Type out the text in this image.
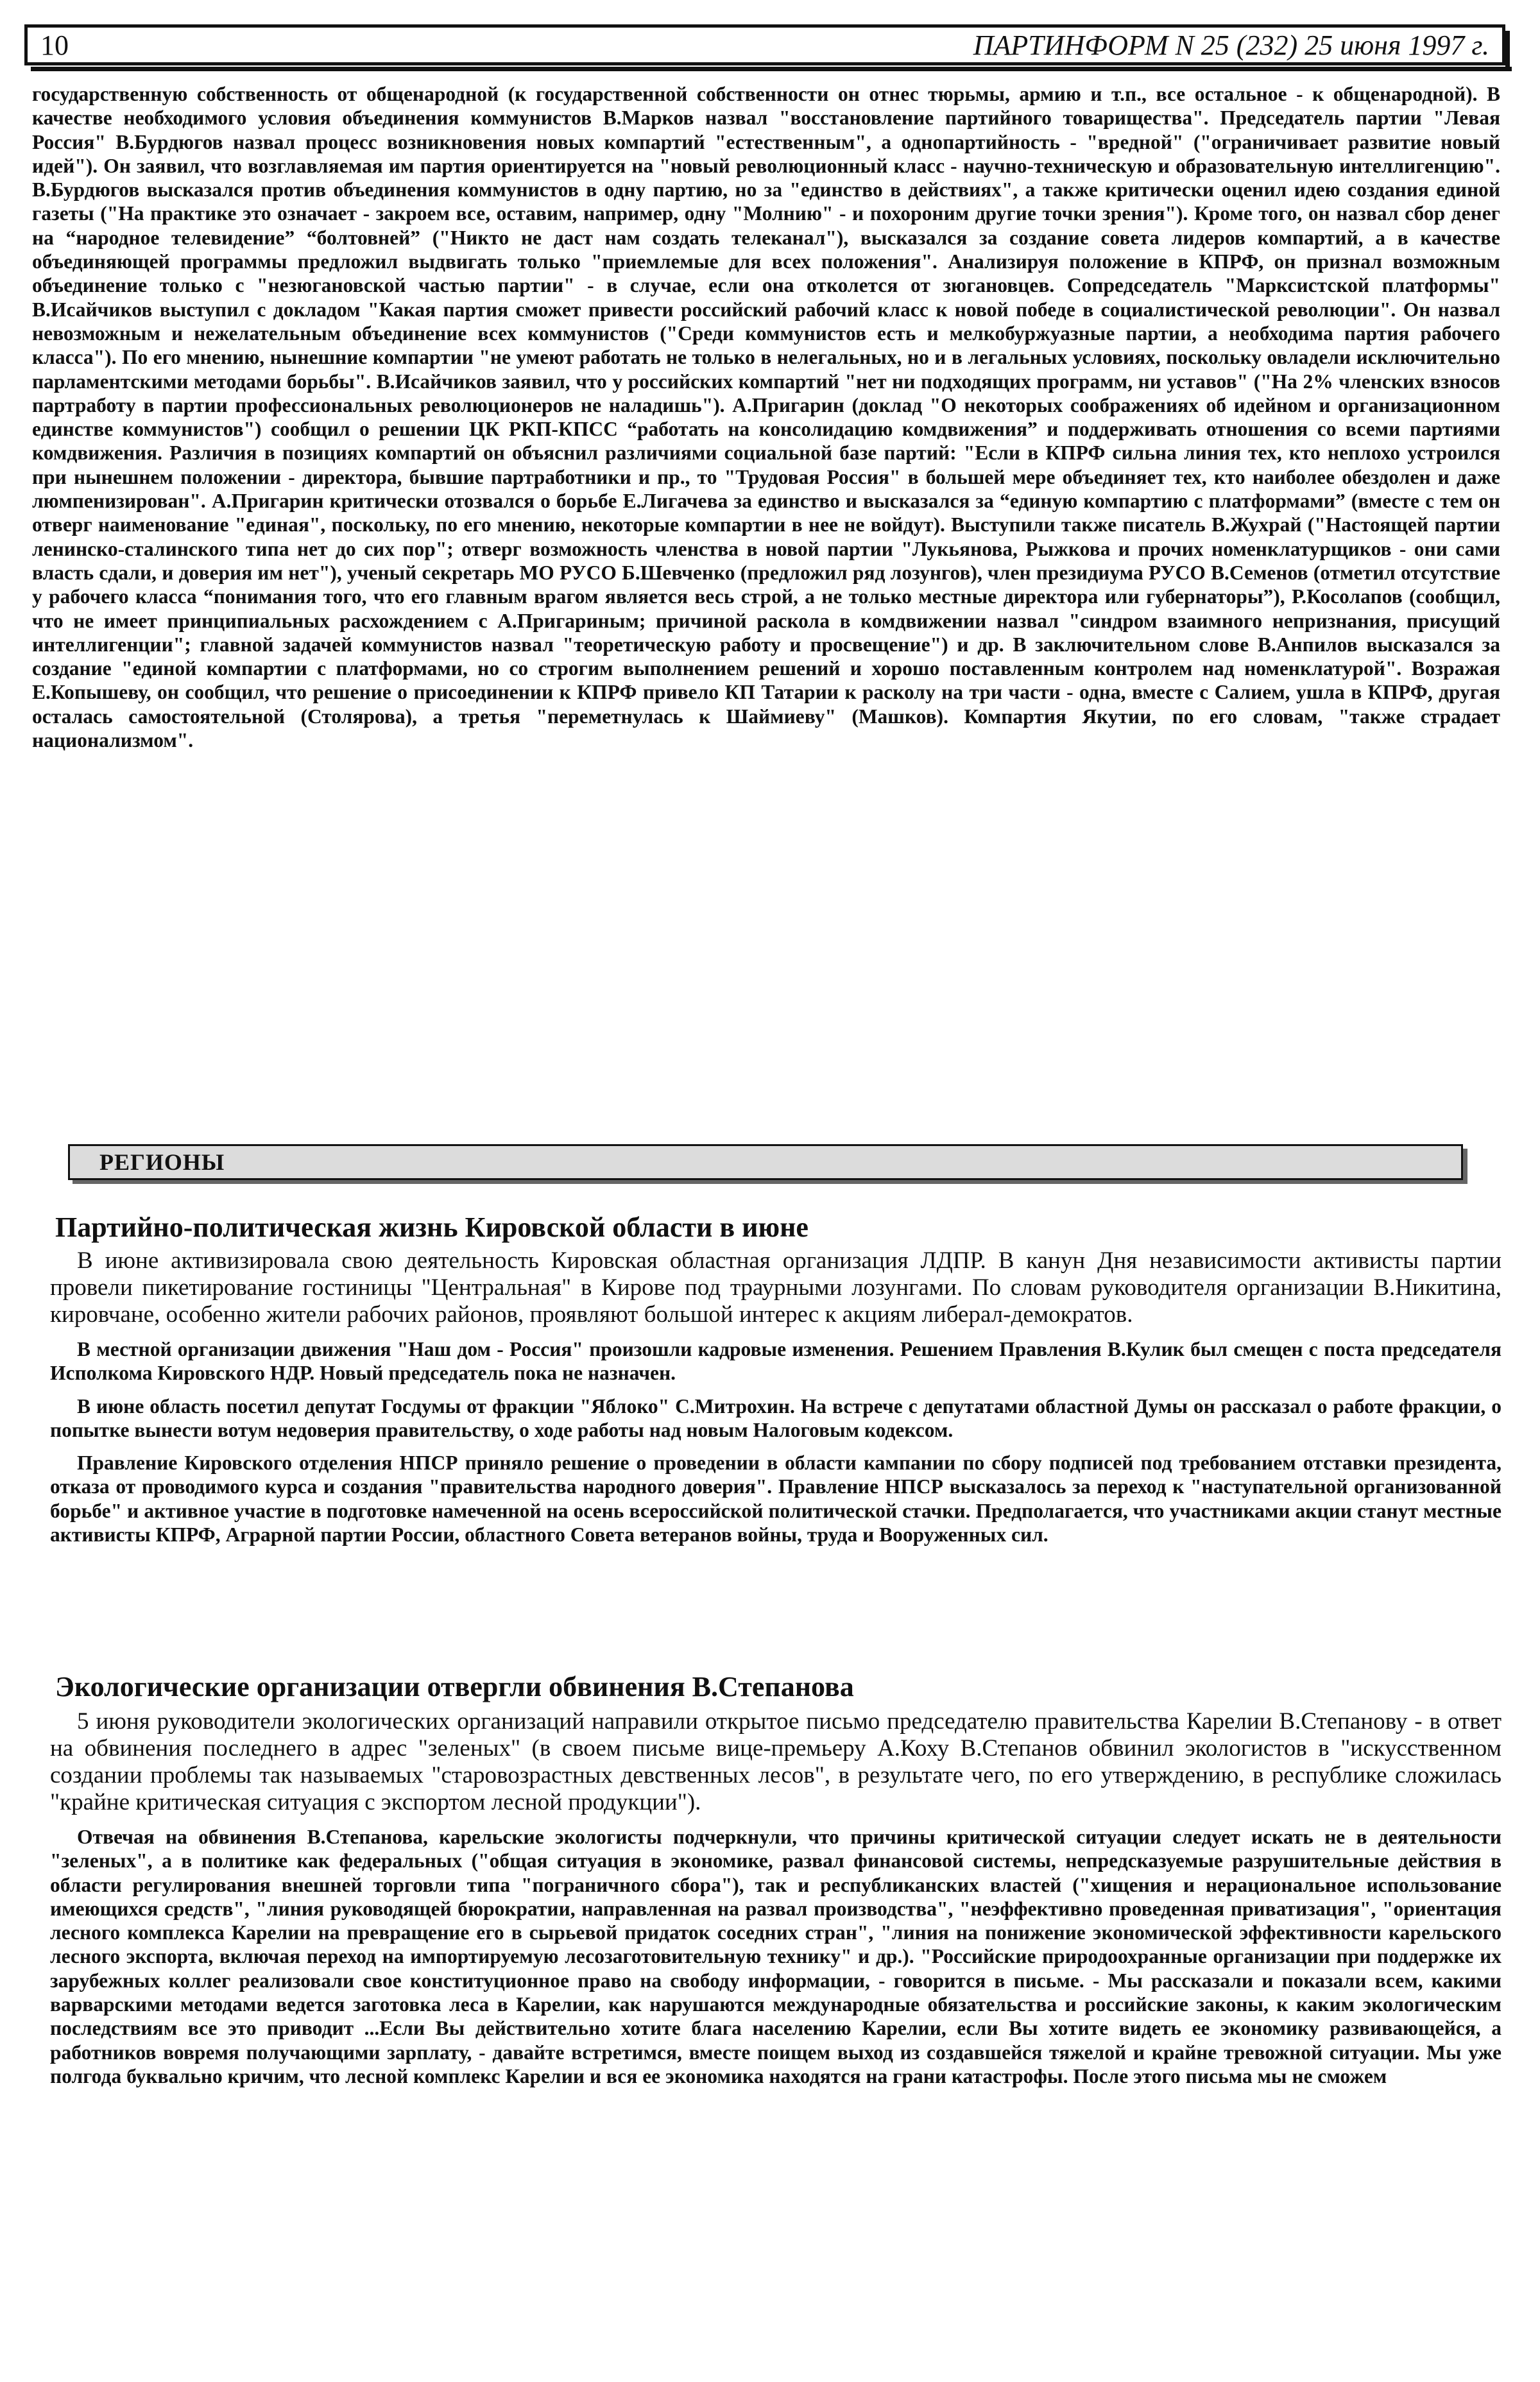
10	ПАРТИНФОРМ N 25 (232) 25 июня 1997 г.

государственную собственность от общенародной (к государственной собственности он отнес тюрьмы, армию и т.п., все остальное - к общенародной). В качестве необходимого условия объединения коммунистов В.Марков назвал "восстановление партийного товарищества". Председатель партии "Левая Россия" В.Бурдюгов назвал процесс возникновения новых компартий "естественным", а однопартийность - "вредной" ("ограничивает развитие новый идей"). Он заявил, что возглавляемая им партия ориентируется на "новый революционный класс - научно-техническую и образовательную интеллигенцию". В.Бурдюгов высказался против объединения коммунистов в одну партию, но за "единство в действиях", а также критически оценил идею создания единой газеты ("На практике это означает - закроем все, оставим, например, одну "Молнию" - и похороним другие точки зрения"). Кроме того, он назвал сбор денег на “народное телевидение” “болтовней” ("Никто не даст нам создать телеканал"), высказался за создание совета лидеров компартий, а в качестве объединяющей программы предложил выдвигать только "приемлемые для всех положения". Анализируя положение в КПРФ, он признал возможным объединение только с "незюгановской частью партии" - в случае, если она отколется от зюгановцев. Сопредседатель "Марксистской платформы" В.Исайчиков выступил с докладом "Какая партия сможет привести российский рабочий класс к новой победе в социалистической революции". Он назвал невозможным и нежелательным объединение всех коммунистов ("Среди коммунистов есть и мелкобуржуазные партии, а необходима партия рабочего класса"). По его мнению, нынешние компартии "не умеют работать не только в нелегальных, но и в легальных условиях, поскольку овладели исключительно парламентскими методами борьбы". В.Исайчиков заявил, что у российских компартий "нет ни подходящих программ, ни уставов" ("На 2% членских взносов партработу в партии профессиональных революционеров не наладишь"). А.Пригарин (доклад "О некоторых соображениях об идейном и организационном единстве коммунистов") сообщил о решении ЦК РКП-КПСС “работать на консолидацию комдвижения” и поддерживать отношения со всеми партиями комдвижения. Различия в позициях компартий он объяснил различиями социальной базе партий: "Если в КПРФ сильна линия тех, кто неплохо устроился при нынешнем положении - директора, бывшие партработники и пр., то "Трудовая Россия" в большей мере объединяет тех, кто наиболее обездолен и даже люмпенизирован". А.Пригарин критически отозвался о борьбе Е.Лигачева за единство и высказался за “единую компартию с платформами” (вместе с тем он отверг наименование "единая", поскольку, по его мнению, некоторые компартии в нее не войдут). Выступили также писатель В.Жухрай ("Настоящей партии ленинско-сталинского типа нет до сих пор"; отверг возможность членства в новой партии "Лукьянова, Рыжкова и прочих номенклатурщиков - они сами власть сдали, и доверия им нет"), ученый секретарь МО РУСО Б.Шевченко (предложил ряд лозунгов), член президиума РУСО В.Семенов (отметил отсутствие у рабочего класса “понимания того, что его главным врагом является весь строй, а не только местные директора или губернаторы”), Р.Косолапов (сообщил, что не имеет принципиальных расхождением с А.Пригариным; причиной раскола в комдвижении назвал "синдром взаимного непризнания, присущий интеллигенции"; главной задачей коммунистов назвал "теоретическую работу и просвещение") и др. В заключительном слове В.Анпилов высказался за создание "единой компартии с платформами, но со строгим выполнением решений и хорошо поставленным контролем над номенклатурой". Возражая Е.Копышеву, он сообщил, что решение о присоединении к КПРФ привело КП Татарии к расколу на три части - одна, вместе с Салием, ушла в КПРФ, другая осталась самостоятельной (Столярова), а третья "переметнулась к Шаймиеву" (Машков). Компартия Якутии, по его словам, "также страдает национализмом".

РЕГИОНЫ
Партийно-политическая жизнь Кировской области в июне

В июне активизировала свою деятельность Кировская областная организация ЛДПР. В канун Дня независимости активисты партии провели пикетирование гостиницы "Центральная" в Кирове под траурными лозунгами. По словам руководителя организации В.Никитина, кировчане, особенно жители рабочих районов, проявляют большой интерес к акциям либерал-демократов.

В местной организации движения "Наш дом - Россия" произошли кадровые изменения. Решением Правления В.Кулик был смещен с поста председателя Исполкома Кировского НДР. Новый председатель пока не назначен.

В июне область посетил депутат Госдумы от фракции "Яблоко" С.Митрохин. На встрече с депутатами областной Думы он рассказал о работе фракции, о попытке вынести вотум недоверия правительству, о ходе работы над новым Налоговым кодексом.

Правление Кировского отделения НПСР приняло решение о проведении в области кампании по сбору подписей под требованием отставки президента, отказа от проводимого курса и создания "правительства народного доверия". Правление НПСР высказалось за переход к "наступательной организованной борьбе" и активное участие в подготовке намеченной на осень всероссийской политической стачки. Предполагается, что участниками акции станут местные активисты КПРФ, Аграрной партии России, областного Совета ветеранов войны, труда и Вооруженных сил.

Экологические организации отвергли обвинения В.Степанова

5 июня руководители экологических организаций направили открытое письмо председателю правительства Карелии В.Степанову - в ответ на обвинения последнего в адрес "зеленых" (в своем письме вице-премьеру А.Коху В.Степанов обвинил экологистов в "искусственном создании проблемы так называемых "старовозрастных девственных лесов", в результате чего, по его утверждению, в республике сложилась "крайне критическая ситуация с экспортом лесной продукции").

Отвечая на обвинения В.Степанова, карельские экологисты подчеркнули, что причины критической ситуации следует искать не в деятельности "зеленых", а в политике как федеральных ("общая ситуация в экономике, развал финансовой системы, непредсказуемые разрушительные действия в области регулирования внешней торговли типа "пограничного сбора"), так и республиканских властей ("хищения и нерациональное использование имеющихся средств", "линия руководящей бюрократии, направленная на развал производства", "неэффективно проведенная приватизация", "ориентация лесного комплекса Карелии на превращение его в сырьевой придаток соседних стран", "линия на понижение экономической эффективности карельского лесного экспорта, включая переход на импортируемую лесозаготовительную технику" и др.). "Российские природоохранные организации при поддержке их зарубежных коллег реализовали свое конституционное право на свободу информации, - говорится в письме. - Мы рассказали и показали всем, какими варварскими методами ведется заготовка леса в Карелии, как нарушаются международные обязательства и российские законы, к каким экологическим последствиям все это приводит ...Если Вы действительно хотите блага населению Карелии, если Вы хотите видеть ее экономику развивающейся, а работников вовремя получающими зарплату, - давайте встретимся, вместе поищем выход из создавшейся тяжелой и крайне тревожной ситуации. Мы уже полгода буквально кричим, что лесной комплекс Карелии и вся ее экономика находятся на грани катастрофы. После этого письма мы не сможем
